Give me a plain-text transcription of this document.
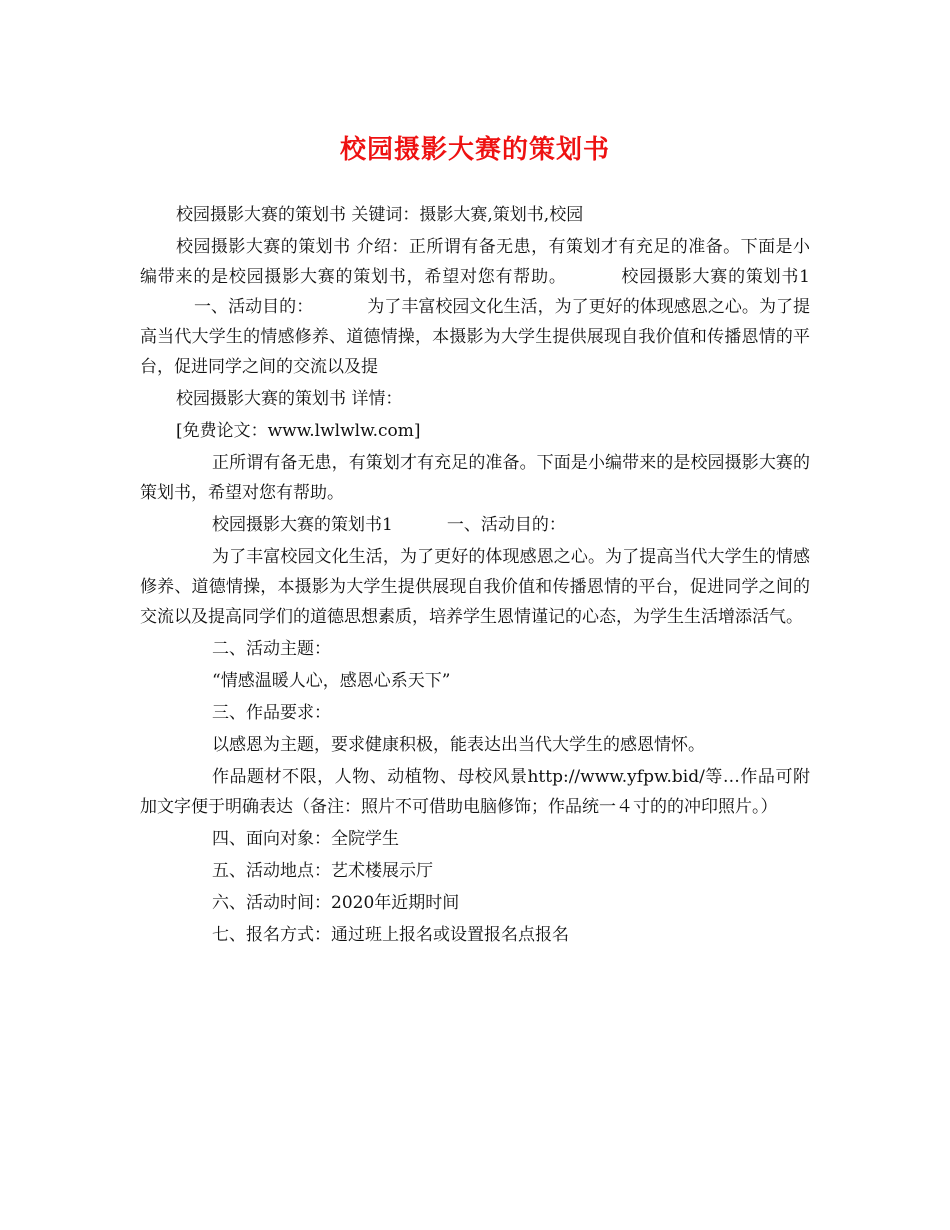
校园摄影大赛的策划书

校园摄影大赛的策划书 关键词：摄影大赛,策划书,校园

校园摄影大赛的策划书 介绍：正所谓有备无患，有策划才有充足的准备。下面是小编带来的是校园摄影大赛的策划书，希望对您有帮助。	校园摄影大赛的策划书1一、活动目的：	为了丰富校园文化生活，为了更好的体现感恩之心。为了提高当代大学生的情感修养、道德情操，本摄影为大学生提供展现自我价值和传播恩情的平台，促进同学之间的交流以及提

校园摄影大赛的策划书 详情：

[免费论文：www.lwlwlw.com]

正所谓有备无患，有策划才有充足的准备。下面是小编带来的是校园摄影大赛的策划书，希望对您有帮助。

校园摄影大赛的策划书1	一、活动目的：

为了丰富校园文化生活，为了更好的体现感恩之心。为了提高当代大学生的情感修养、道德情操，本摄影为大学生提供展现自我价值和传播恩情的平台，促进同学之间的交流以及提高同学们的道德思想素质，培养学生恩情谨记的心态，为学生生活增添活气。

二、活动主题：

“情感温暖人心，感恩心系天下”

三、作品要求：

以感恩为主题，要求健康积极，能表达出当代大学生的感恩情怀。

作品题材不限，人物、动植物、母校风景http://www.yfpw.bid/等…作品可附加文字便于明确表达（备注：照片不可借助电脑修饰；作品统一４寸的的冲印照片。）

四、面向对象：全院学生

五、活动地点：艺术楼展示厅

六、活动时间：2020年近期时间

七、报名方式：通过班上报名或设置报名点报名
